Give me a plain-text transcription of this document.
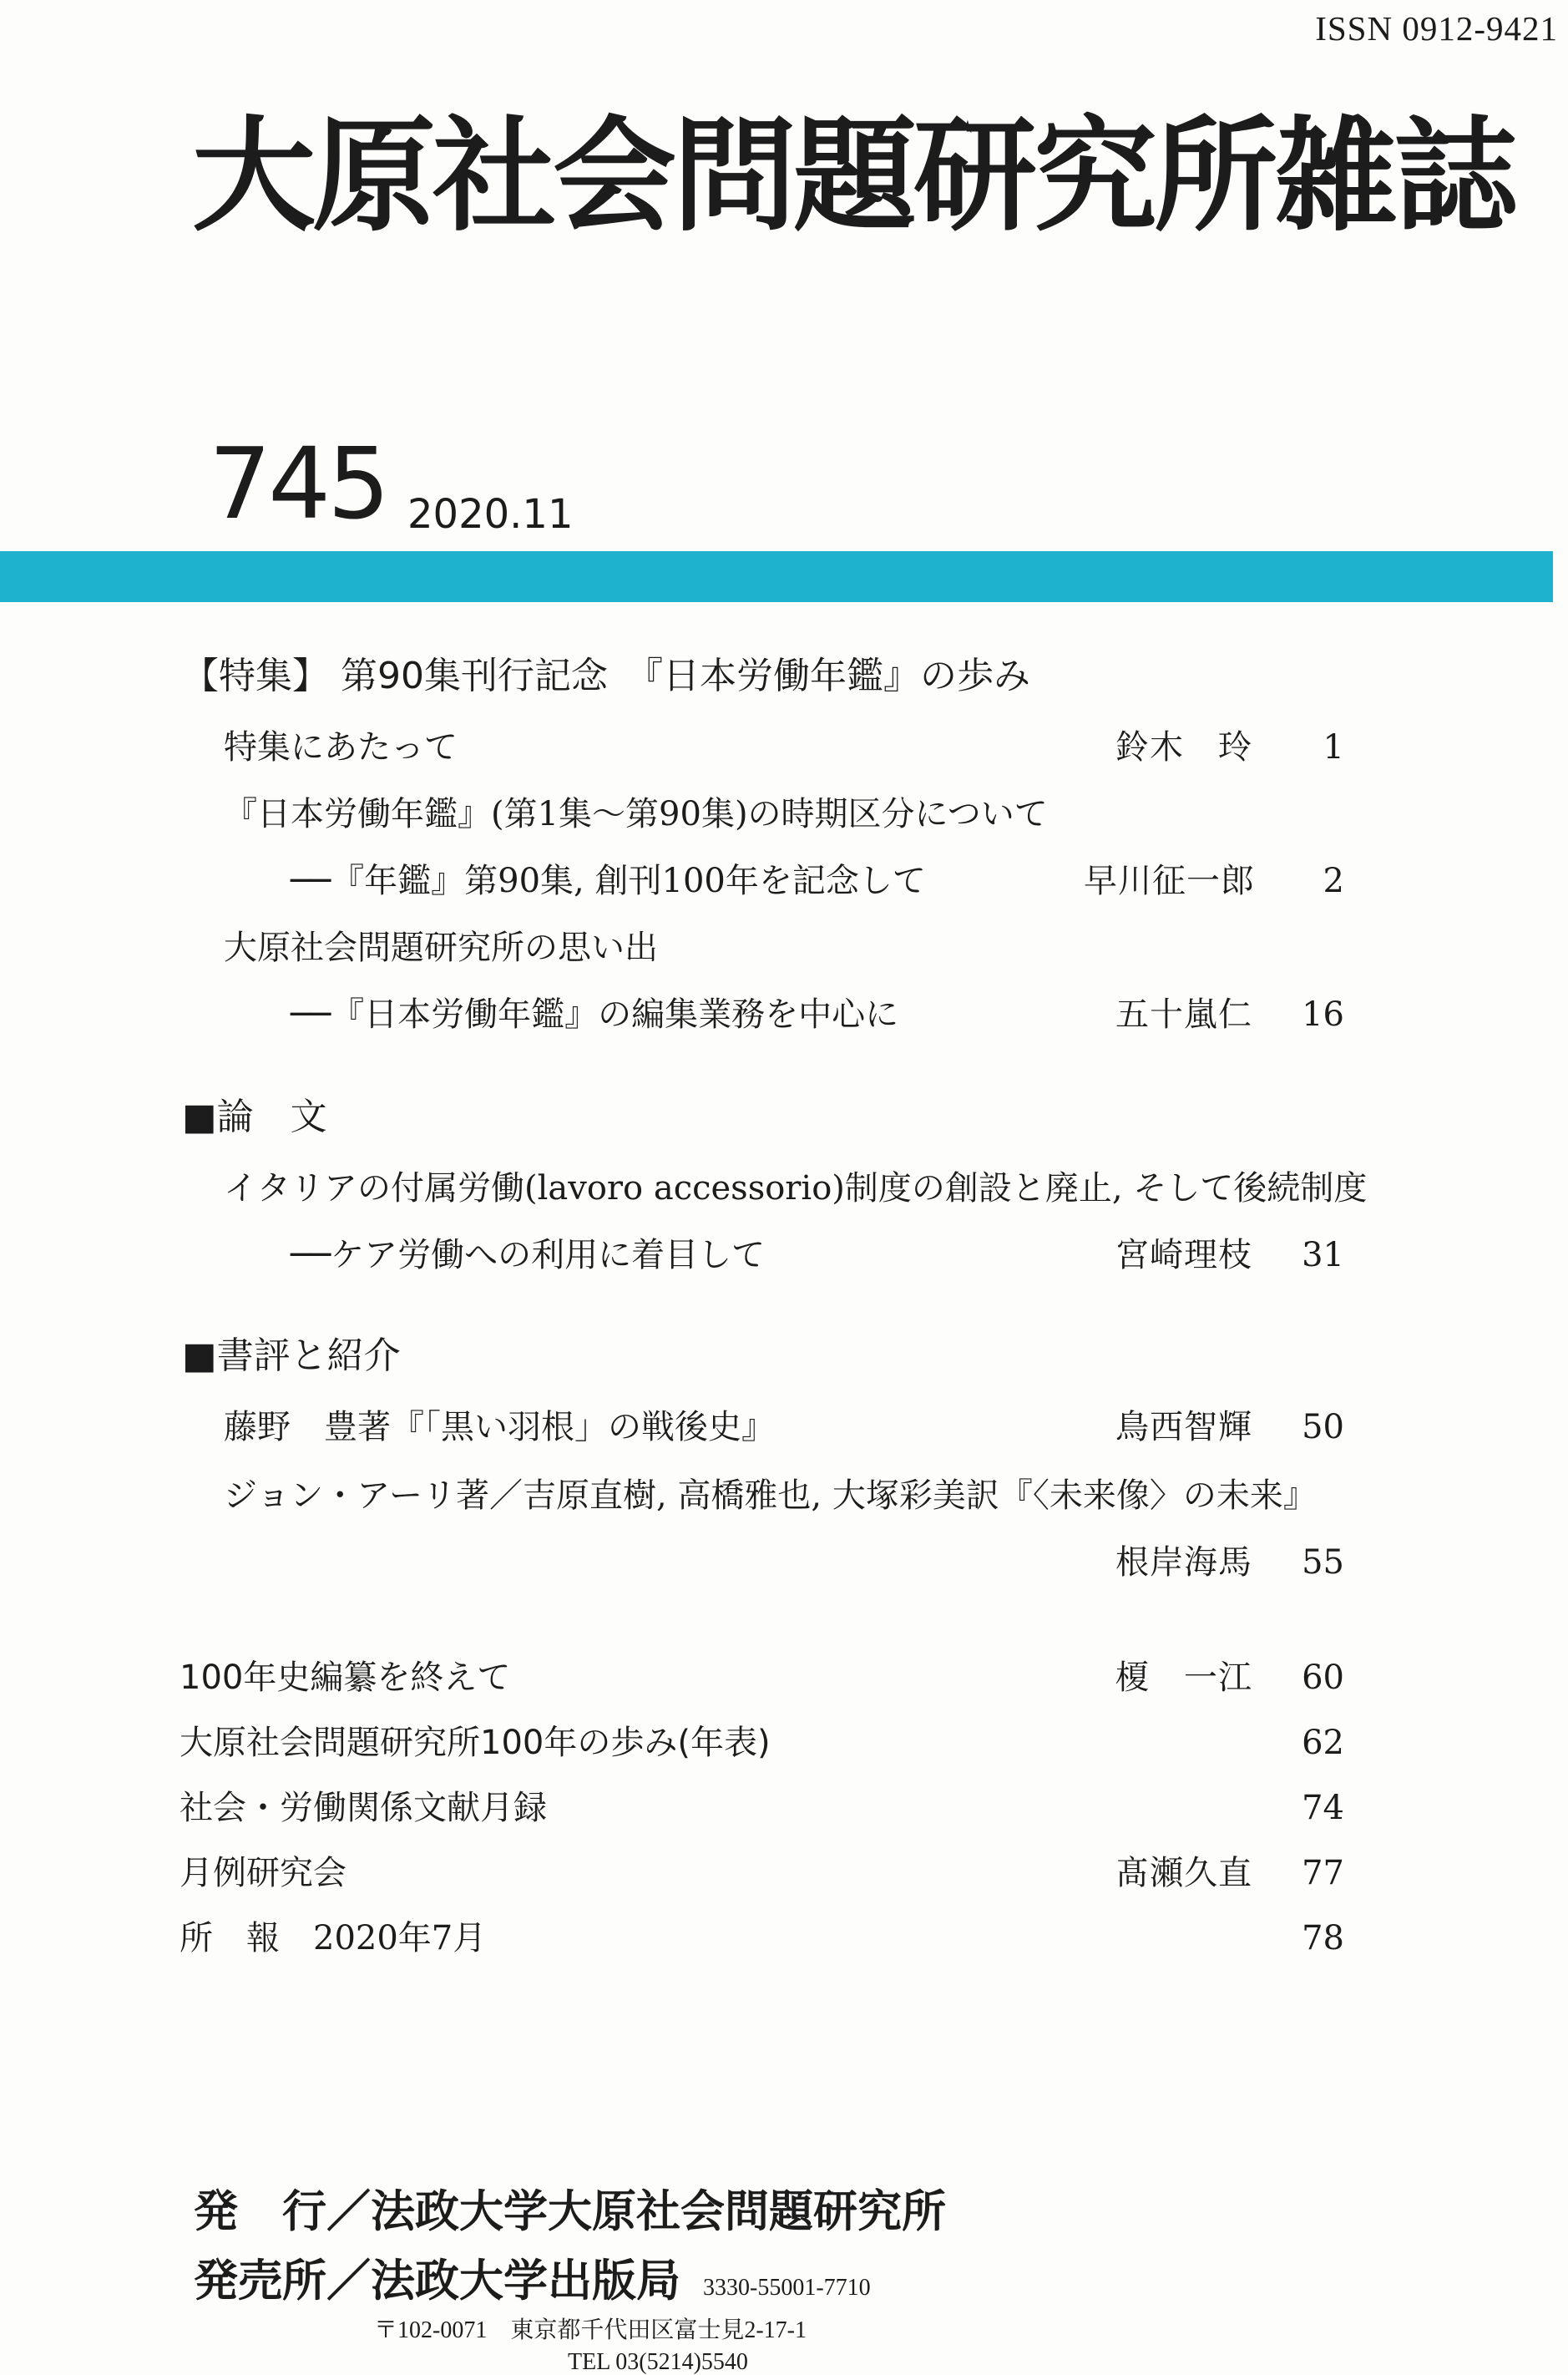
ISSN 0912-9421
大原社会問題研究所雑誌
745 2020.11
【特集】 第90集刊行記念　『日本労働年鑑』の歩み
特集にあたって	鈴木　玲	1
『日本労働年鑑』(第1集～第90集)の時期区分について
──『年鑑』第90集, 創刊100年を記念して	早川征一郎	2
大原社会問題研究所の思い出
──『日本労働年鑑』の編集業務を中心に	五十嵐仁	16
■論　文
イタリアの付属労働(lavoro accessorio)制度の創設と廃止, そして後続制度
──ケア労働への利用に着目して	宮崎理枝	31
■書評と紹介
藤野　豊著『「黒い羽根」の戦後史』	鳥西智輝	50
ジョン・アーリ著／吉原直樹, 高橋雅也, 大塚彩美訳『〈未来像〉の未来』
根岸海馬	55
100年史編纂を終えて	榎　一江	60
大原社会問題研究所100年の歩み(年表)	62
社会・労働関係文献月録	74
月例研究会	髙瀬久直	77
所　報　2020年7月	78
発　行／法政大学大原社会問題研究所
発売所／法政大学出版局 3330-55001-7710
〒102-0071　東京都千代田区富士見2-17-1
TEL 03(5214)5540
